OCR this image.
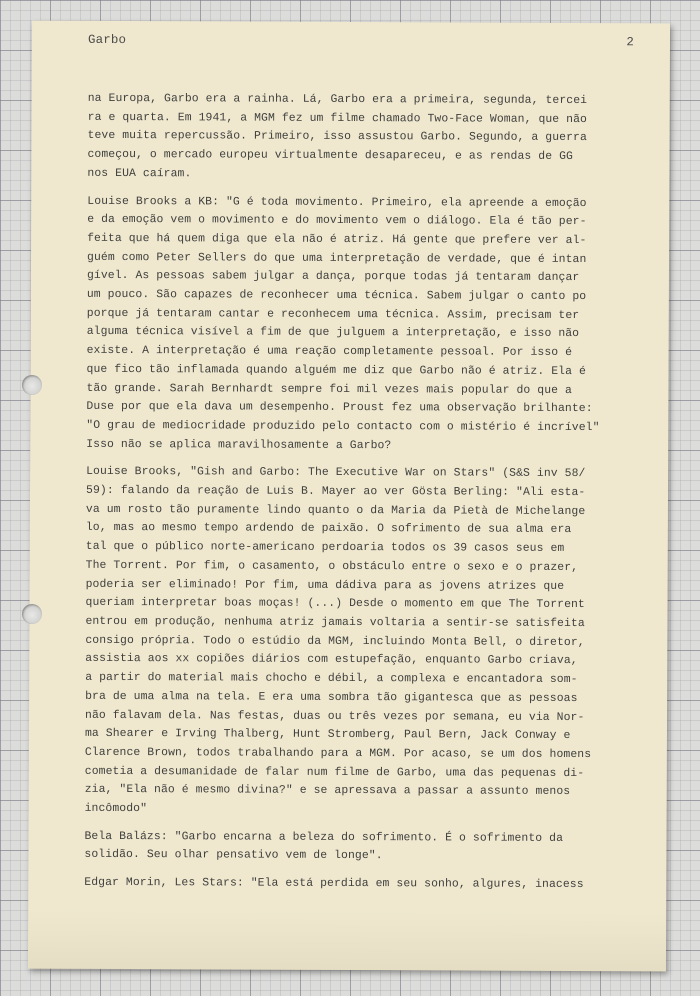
Garbo	2
na Europa, Garbo era a rainha. Lá, Garbo era a primeira, segunda, tercei
ra e quarta. Em 1941, a MGM fez um filme chamado Two-Face Woman, que não
teve muita repercussão. Primeiro, isso assustou Garbo. Segundo, a guerra
começou, o mercado europeu virtualmente desapareceu, e as rendas de GG
nos EUA caíram.
Louise Brooks a KB: "G é toda movimento. Primeiro, ela apreende a emoção
e da emoção vem o movimento e do movimento vem o diálogo. Ela é tão per-
feita que há quem diga que ela não é atriz. Há gente que prefere ver al-
guém como Peter Sellers do que uma interpretação de verdade, que é intan
gível. As pessoas sabem julgar a dança, porque todas já tentaram dançar
um pouco. São capazes de reconhecer uma técnica. Sabem julgar o canto po
porque já tentaram cantar e reconhecem uma técnica. Assim, precisam ter
alguma técnica visível a fim de que julguem a interpretação, e isso não
existe. A interpretação é uma reação completamente pessoal. Por isso é
que fico tão inflamada quando alguém me diz que Garbo não é atriz. Ela é
tão grande. Sarah Bernhardt sempre foi mil vezes mais popular do que a
Duse por que ela dava um desempenho. Proust fez uma observação brilhante:
"O grau de mediocridade produzido pelo contacto com o mistério é incrível"
Isso não se aplica maravilhosamente a Garbo?
Louise Brooks, "Gish and Garbo: The Executive War on Stars" (S&S inv 58/
59): falando da reação de Luis B. Mayer ao ver Gösta Berling: "Ali esta-
va um rosto tão puramente lindo quanto o da Maria da Pietà de Michelange
lo, mas ao mesmo tempo ardendo de paixão. O sofrimento de sua alma era
tal que o público norte-americano perdoaria todos os 39 casos seus em
The Torrent. Por fim, o casamento, o obstáculo entre o sexo e o prazer,
poderia ser eliminado! Por fim, uma dádiva para as jovens atrizes que
queriam interpretar boas moças! (...) Desde o momento em que The Torrent
entrou em produção, nenhuma atriz jamais voltaria a sentir-se satisfeita
consigo própria. Todo o estúdio da MGM, incluindo Monta Bell, o diretor,
assistia aos xx copiões diários com estupefação, enquanto Garbo criava,
a partir do material mais chocho e débil, a complexa e encantadora som-
bra de uma alma na tela. E era uma sombra tão gigantesca que as pessoas
não falavam dela. Nas festas, duas ou três vezes por semana, eu via Nor-
ma Shearer e Irving Thalberg, Hunt Stromberg, Paul Bern, Jack Conway e
Clarence Brown, todos trabalhando para a MGM. Por acaso, se um dos homens
cometia a desumanidade de falar num filme de Garbo, uma das pequenas di-
zia, "Ela não é mesmo divina?" e se apressava a passar a assunto menos
incômodo"
Bela Balázs: "Garbo encarna a beleza do sofrimento. É o sofrimento da
solidão. Seu olhar pensativo vem de longe".
Edgar Morin, Les Stars: "Ela está perdida em seu sonho, algures, inacess
